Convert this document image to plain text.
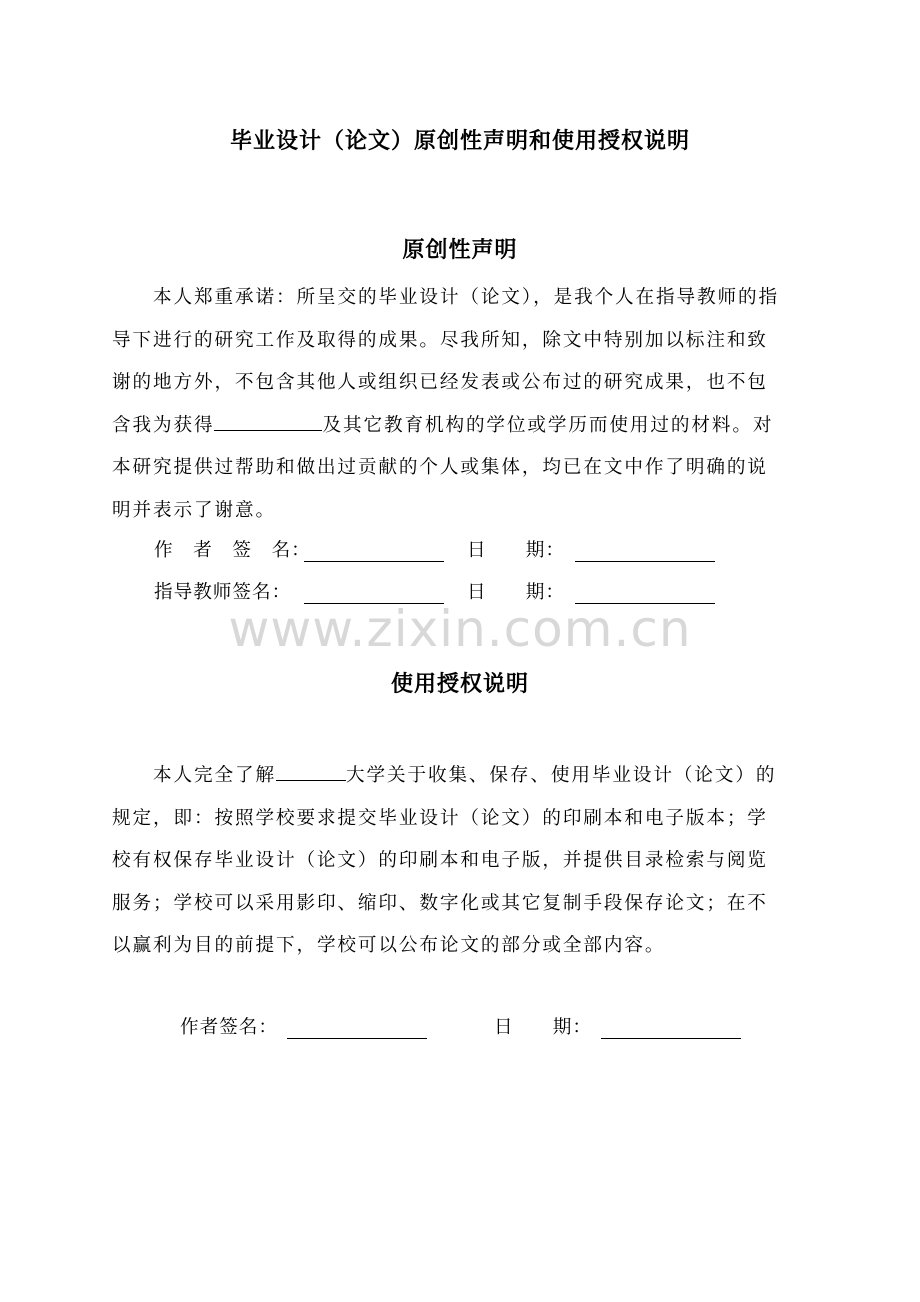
毕业设计（论文）原创性声明和使用授权说明
原创性声明
本人郑重承诺：所呈交的毕业设计（论文），是我个人在指导教师的指
导下进行的研究工作及取得的成果。尽我所知，除文中特别加以标注和致
谢的地方外，不包含其他人或组织已经发表或公布过的研究成果，也不包
含我为获得	及其它教育机构的学位或学历而使用过的材料。对
本研究提供过帮助和做出过贡献的个人或集体，均已在文中作了明确的说
明并表示了谢意。
作　者　签　名：	日　　期：
指导教师签名：	日　　期：
www.zixin.com.cn
使用授权说明
本人完全了解	大学关于收集、保存、使用毕业设计（论文）的
规定，即：按照学校要求提交毕业设计（论文）的印刷本和电子版本；学
校有权保存毕业设计（论文）的印刷本和电子版，并提供目录检索与阅览
服务；学校可以采用影印、缩印、数字化或其它复制手段保存论文；在不
以赢利为目的前提下，学校可以公布论文的部分或全部内容。
作者签名：	日　　期：
